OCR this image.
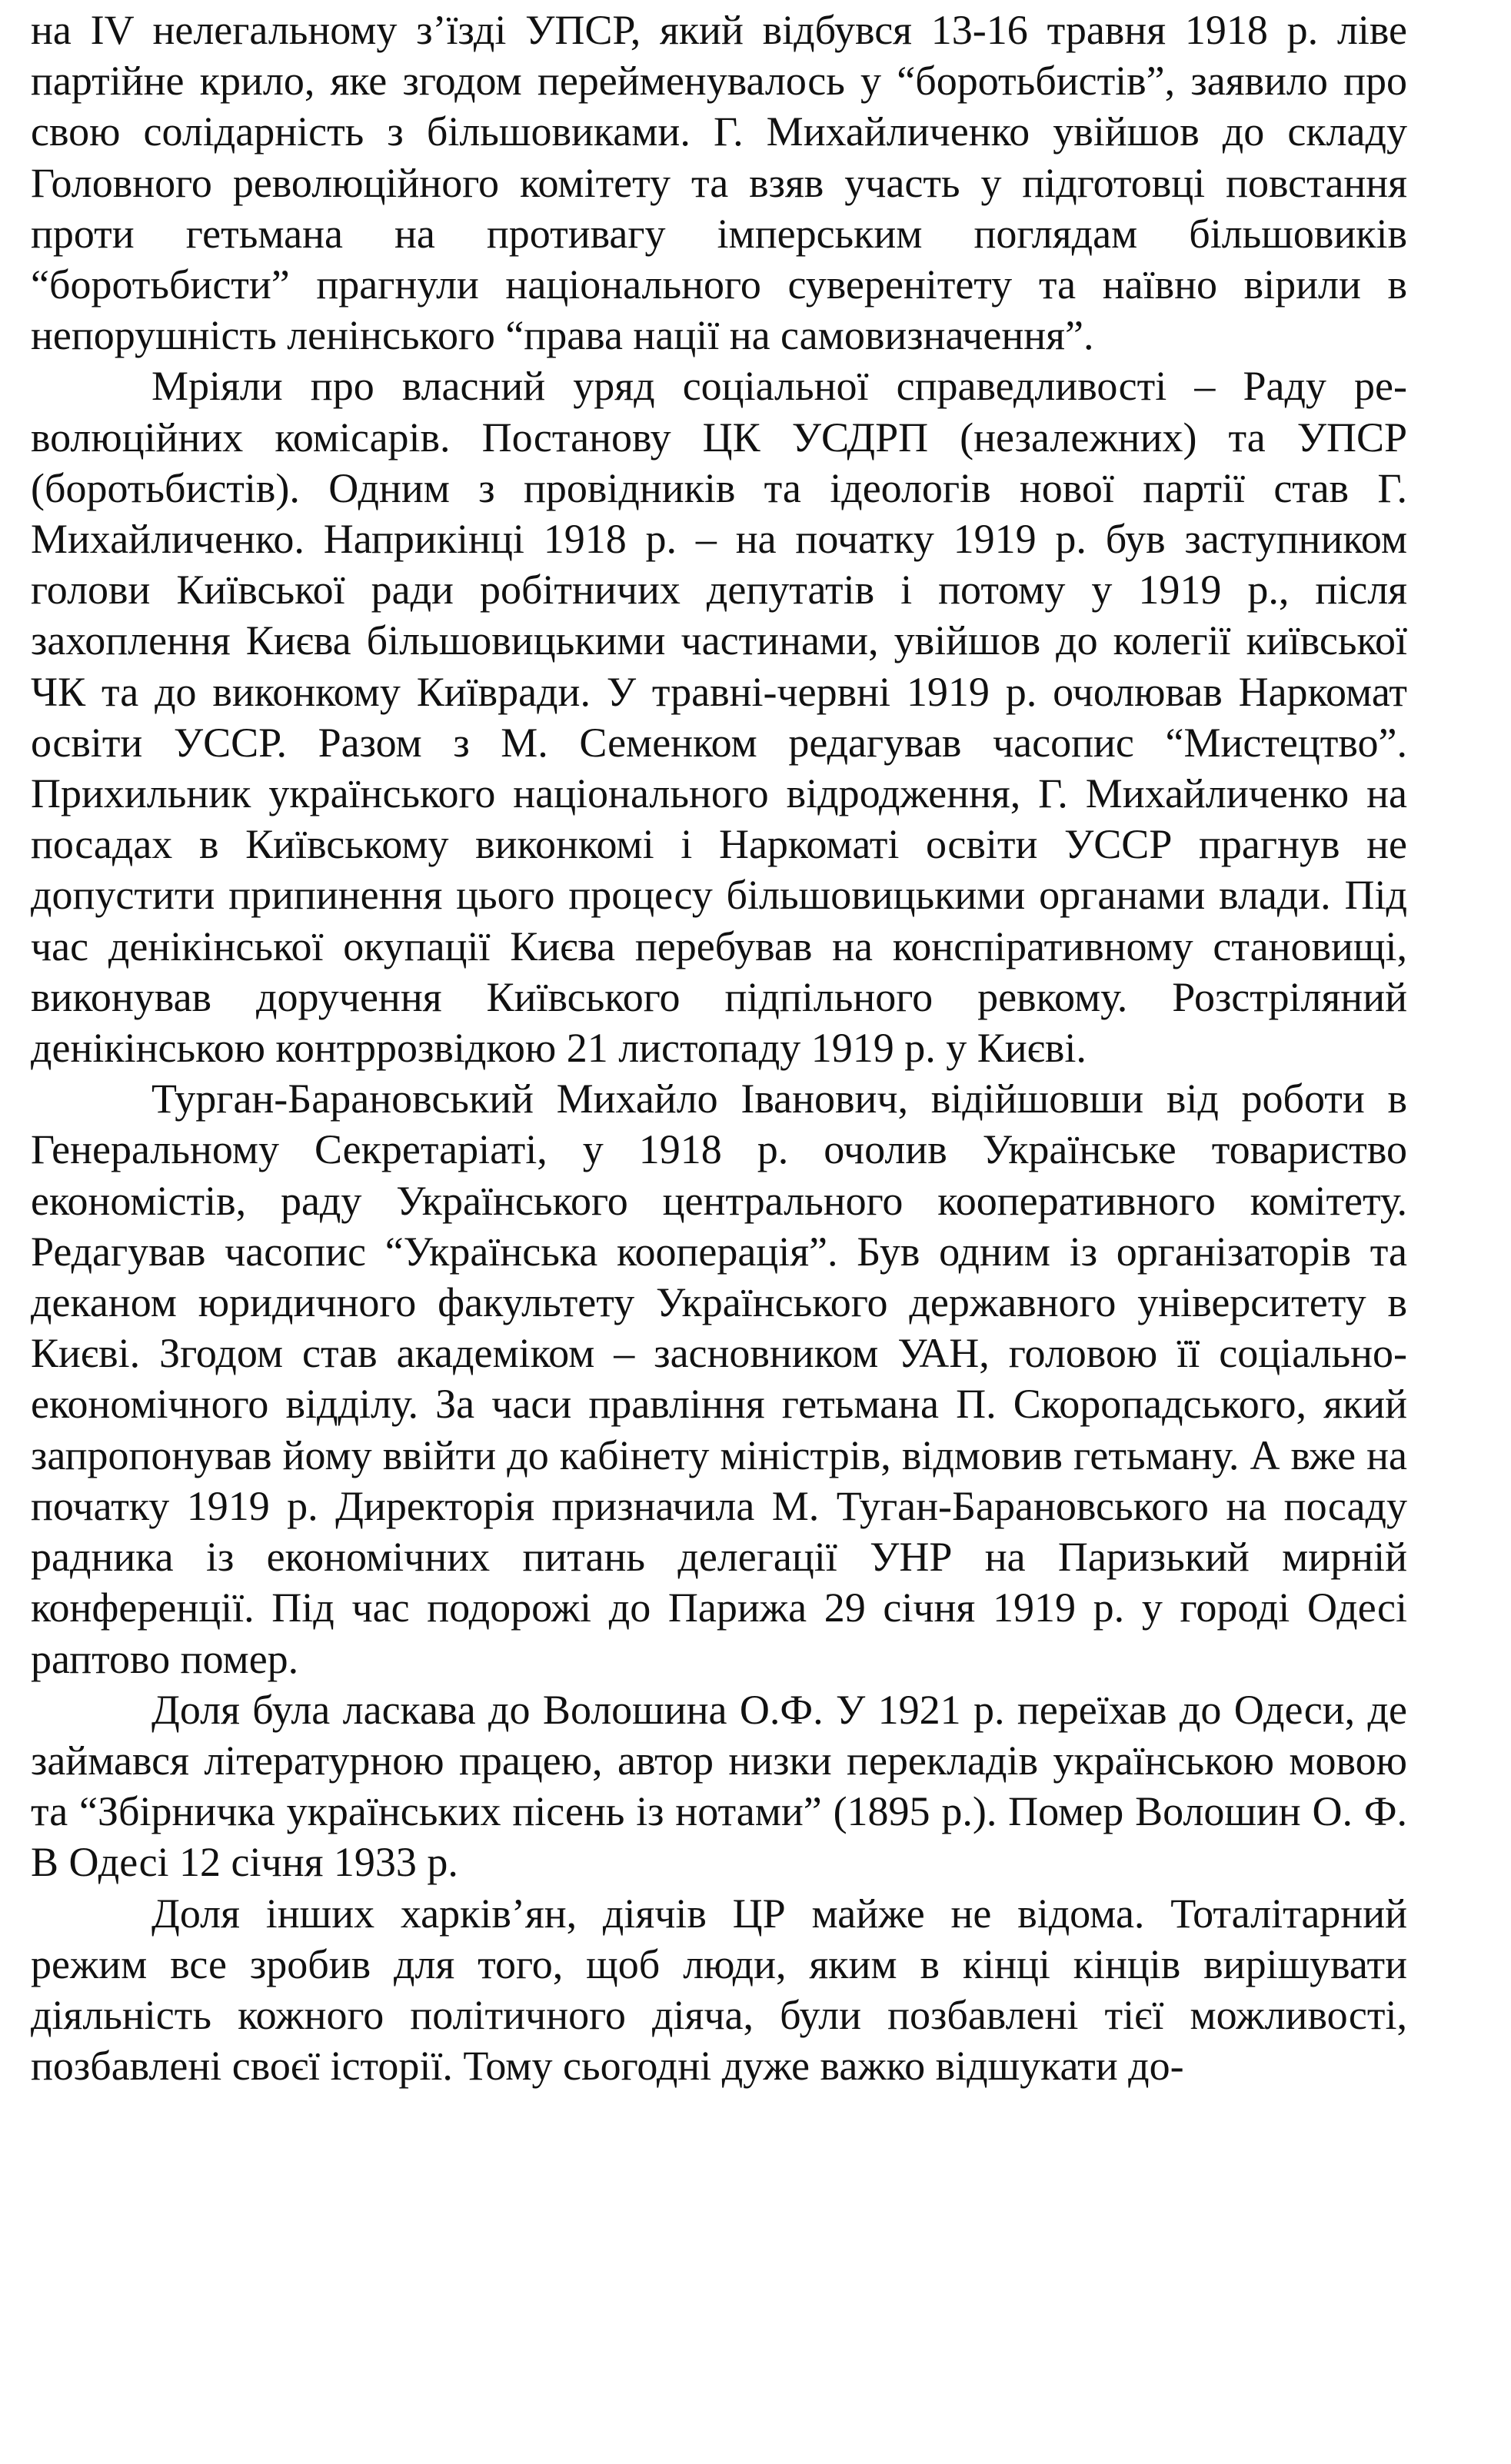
на IV нелегальному з’їзді УПСР, який відбувся 13-16 травня 1918 р. ліве партійне крило, яке згодом перейменувалось у “боротьбистів”, заявило про свою солідарність з більшовиками. Г. Михайличенко увійшов до складу Головного революційного комітету та взяв участь у підготовці повстання проти гетьмана на противагу імперським поглядам більшовиків “боротьбисти” прагнули національного суверенітету та наївно вірили в непорушність ленінського “права нації на самовизначення”.

Мріяли про власний уряд соціальної справедливості – Раду революційних комісарів. Постанову ЦК УСДРП (незалежних) та УПСР (боротьбистів). Одним з провідників та ідеологів нової партії став Г. Михайличенко. Наприкінці 1918 р. – на початку 1919 р. був заступником голови Київської ради робітничих депутатів і потому у 1919 р., після захоплення Києва більшовицькими частинами, увійшов до колегії київської ЧК та до виконкому Київради. У травні-червні 1919 р. очолював Наркомат освіти УССР. Разом з М. Семенком редагував часопис “Мистецтво”. Прихильник українського національного відродження, Г. Михайличенко на посадах в Київському виконкомі і Наркоматі освіти УССР прагнув не допустити припинення цього процесу більшовицькими органами влади. Під час денікінської окупації Києва перебував на конспіративному становищі, виконував доручення Київського підпільного ревкому. Розстріляний денікінською контррозвідкою 21 листопаду 1919 р. у Києві.

Турган-Барановський Михайло Іванович, відійшовши від роботи в Генеральному Секретаріаті, у 1918 р. очолив Українське товариство економістів, раду Українського центрального кооперативного комітету. Редагував часопис “Українська кооперація”. Був одним із організаторів та деканом юридичного факультету Українського державного університету в Києві. Згодом став академіком – засновником УАН, головою її соціально-економічного відділу. За часи правління гетьмана П. Скоропадського, який запропонував йому ввійти до кабінету міністрів, відмовив гетьману. А вже на початку 1919 р. Директорія призначила М. Туган-Барановського на посаду радника із економічних питань делегації УНР на Паризький мирній конференції. Під час подорожі до Парижа 29 січня 1919 р. у городі Одесі раптово помер.

Доля була ласкава до Волошина О.Ф. У 1921 р. переїхав до Одеси, де займався літературною працею, автор низки перекладів українською мовою та “Збірничка українських пісень із нотами” (1895 р.). Помер Волошин О. Ф. В Одесі 12 січня 1933 р.

Доля інших харків’ян, діячів ЦР майже не відома. Тоталітарний режим все зробив для того, щоб люди, яким в кінці кінців вирішувати діяльність кожного політичного діяча, були позбавлені тієї можливості, позбавлені своєї історії. Тому сьогодні дуже важко відшукати до-
